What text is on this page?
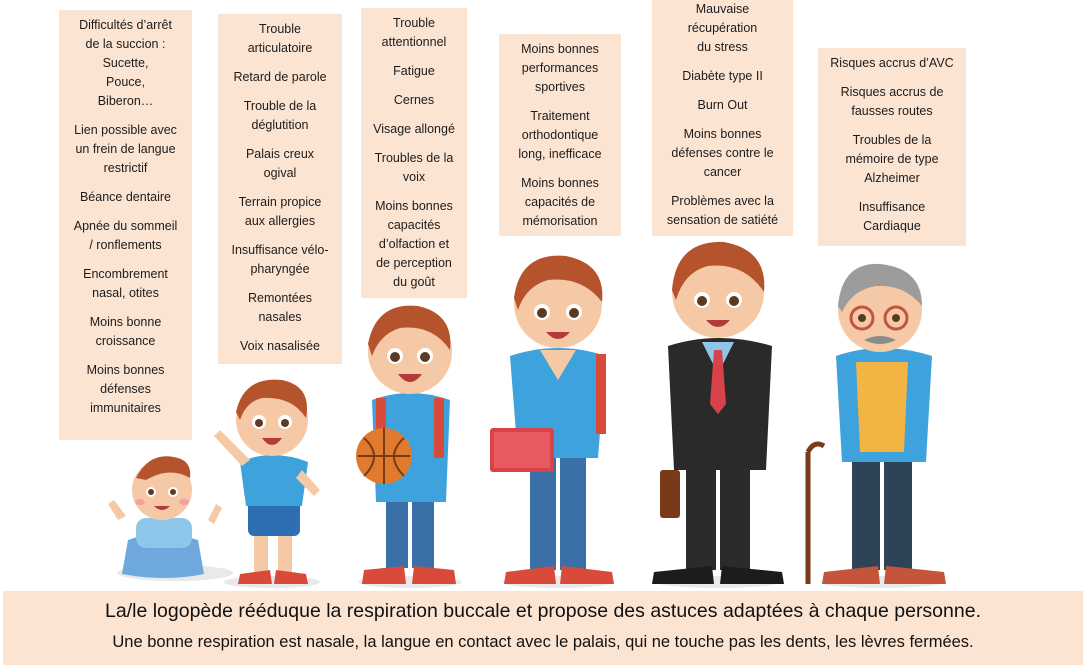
Difficultés d’arrêt
de la succion :
Sucette,
Pouce,
Biberon…
Lien possible avec
un frein de langue
restrictif
Béance dentaire
Apnée du sommeil
/ ronflements
Encombrement
nasal, otites
Moins bonne
croissance
Moins bonnes
défenses
immunitaires
Trouble
articulatoire
Retard de parole
Trouble de la
déglutition
Palais creux
ogival
Terrain propice
aux allergies
Insuffisance vélo-
pharyngée
Remontées
nasales
Voix nasalisée
Trouble
attentionnel
Fatigue
Cernes
Visage allongé
Troubles de la
voix
Moins bonnes
capacités
d’olfaction et
de perception
du goût
Moins bonnes
performances
sportives
Traitement
orthodontique
long, inefficace
Moins bonnes
capacités de
mémorisation
Mauvaise
récupération
du stress
Diabète type II
Burn Out
Moins bonnes
défenses contre le
cancer
Problèmes avec la
sensation de satiété
Risques accrus d’AVC
Risques accrus de
fausses routes
Troubles de la
mémoire de type
Alzheimer
Insuffisance
Cardiaque
La/le logopède rééduque la respiration buccale et propose des astuces adaptées à chaque personne.
Une bonne respiration est nasale, la langue en contact avec le palais, qui ne touche pas les dents, les lèvres fermées.
